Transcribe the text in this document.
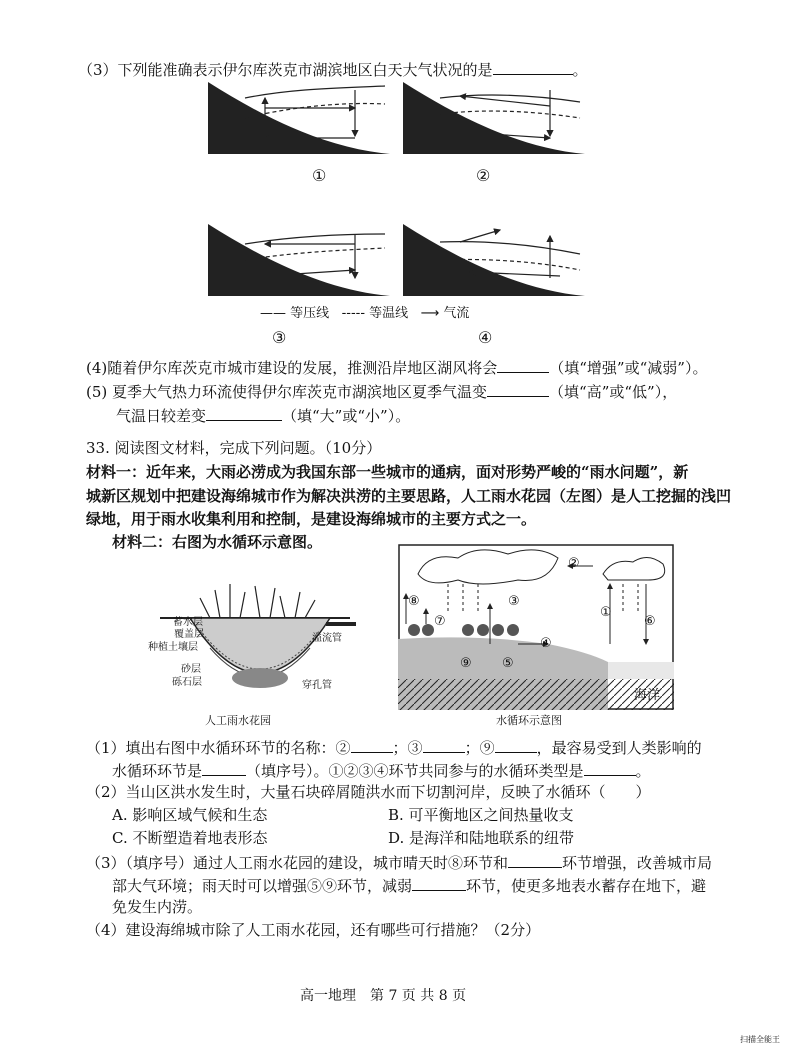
（3）下列能准确表示伊尔库茨克市湖滨地区白天大气状况的是	。
①	②
—— 等压线 ----- 等温线 ⟶ 气流
③	④
(4)随着伊尔库茨克市城市建设的发展，推测沿岸地区湖风将会	（填“增强”或“减弱”）。
(5) 夏季大气热力环流使得伊尔库茨克市湖滨地区夏季气温变	（填“高”或“低”），
气温日较差变	（填“大”或“小”）。
33. 阅读图文材料，完成下列问题。（10分）
材料一：近年来，大雨必涝成为我国东部一些城市的通病，面对形势严峻的“雨水问题”，新
城新区规划中把建设海绵城市作为解决洪涝的主要思路，人工雨水花园（左图）是人工挖掘的浅凹
绿地，用于雨水收集利用和控制，是建设海绵城市的主要方式之一。
材料二：右图为水循环示意图。
蓄水层
覆盖层
种植土壤层
砂层
砾石层
溢流管
穿孔管
人工雨水花园
①
②
③
④
⑤
⑥
⑦
⑧
⑨
海洋
水循环示意图
（1）填出右图中水循环环节的名称：②	；③	；⑨	，最容易受到人类影响的
水循环环节是	（填序号）。①②③④环节共同参与的水循环类型是	。
（2）当山区洪水发生时，大量石块碎屑随洪水而下切割河岸，反映了水循环（　　）
A. 影响区域气候和生态	B. 可平衡地区之间热量收支
C. 不断塑造着地表形态	D. 是海洋和陆地联系的纽带
（3）（填序号）通过人工雨水花园的建设，城市晴天时⑧环节和	环节增强，改善城市局
部大气环境；雨天时可以增强⑤⑨环节，减弱	环节，使更多地表水蓄存在地下，避
免发生内涝。
（4）建设海绵城市除了人工雨水花园，还有哪些可行措施？（2分）
高一地理　第 7 页 共 8 页
扫描全能王
